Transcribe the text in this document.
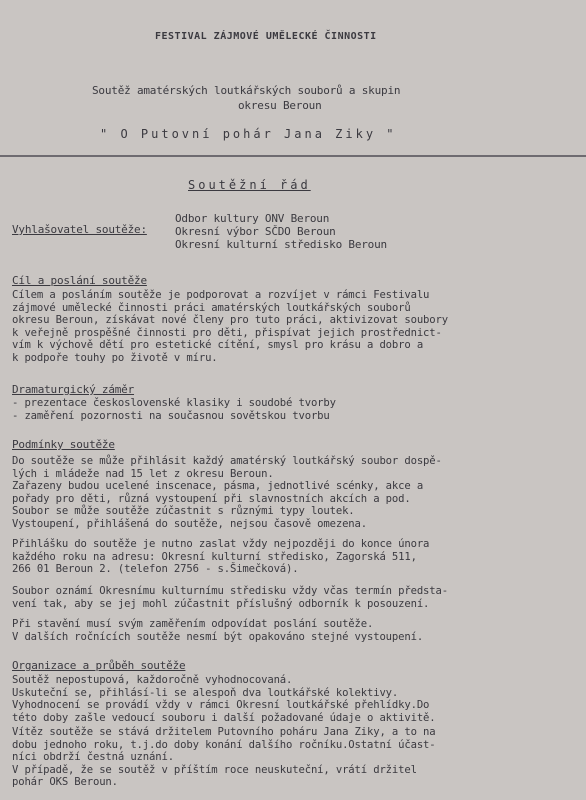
FESTIVAL ZÁJMOVÉ UMĚLECKÉ ČINNOSTI
Soutěž amatérských loutkářských souborů a skupin
okresu Beroun
" O Putovní pohár Jana Ziky "
Soutěžní řád
Vyhlašovatel soutěže:
Odbor kultury ONV Beroun
Okresní výbor SČDO Beroun
Okresní kulturní středisko Beroun
Cíl a poslání soutěže
Cílem a posláním soutěže je podporovat a rozvíjet v rámci Festivalu
zájmové umělecké činnosti práci amatérských loutkářských souborů
okresu Beroun, získávat nové členy pro tuto práci, aktivizovat soubory
k veřejně prospěšné činnosti pro děti, přispívat jejich prostřednict-
vím k výchově dětí pro estetické cítění, smysl pro krásu a dobro a
k podpoře touhy po životě v míru.
Dramaturgický záměr
- prezentace československé klasiky i soudobé tvorby
- zaměření pozornosti na současnou sovětskou tvorbu
Podmínky soutěže
Do soutěže se může přihlásit každý amatérský loutkářský soubor dospě-
lých i mládeže nad 15 let z okresu Beroun.
Zařazeny budou ucelené inscenace, pásma, jednotlivé scénky, akce a
pořady pro děti, různá vystoupení při slavnostních akcích a pod.
Soubor se může soutěže zúčastnit s různými typy loutek.
Vystoupení, přihlášená do soutěže, nejsou časově omezena.
Přihlášku do soutěže je nutno zaslat vždy nejpozději do konce února
každého roku na adresu: Okresní kulturní středisko, Zagorská 511,
266 01 Beroun 2. (telefon 2756 - s.Šimečková).
Soubor oznámí Okresnímu kulturnímu středisku vždy včas termín předsta-
vení tak, aby se jej mohl zúčastnit příslušný odborník k posouzení.
Při stavění musí svým zaměřením odpovídat poslání soutěže.
V dalších ročnících soutěže nesmí být opakováno stejné vystoupení.
Organizace a průběh soutěže
Soutěž nepostupová, každoročně vyhodnocovaná.
Uskuteční se, přihlásí-li se alespoň dva loutkářské kolektivy.
Vyhodnocení se provádí vždy v rámci Okresní loutkářské přehlídky.Do
této doby zašle vedoucí souboru i další požadované údaje o aktivitě.
Vítěz soutěže se stává držitelem Putovního poháru Jana Ziky, a to na
dobu jednoho roku, t.j.do doby konání dalšího ročníku.Ostatní účast-
níci obdrží čestná uznání.
V případě, že se soutěž v příštím roce neuskuteční, vrátí držitel
pohár OKS Beroun.
